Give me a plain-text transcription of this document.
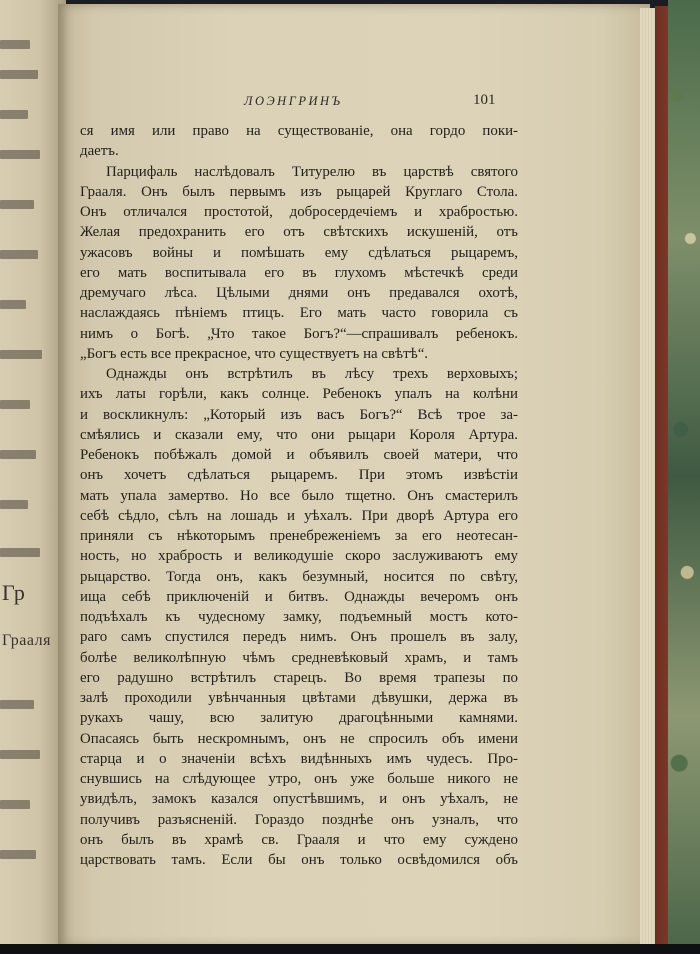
Гр
Грааля
ЛОЭНГРИНЪ	101
ся имя или право на существованіе, она гордо поки-
даетъ.
Парцифаль наслѣдовалъ Титурелю въ царствѣ святого
Грааля. Онъ былъ первымъ изъ рыцарей Круглаго Стола.
Онъ отличался простотой, добросердечіемъ и храбростью.
Желая предохранить его отъ свѣтскихъ искушеній, отъ
ужасовъ войны и помѣшать ему сдѣлаться рыцаремъ,
его мать воспитывала его въ глухомъ мѣстечкѣ среди
дремучаго лѣса. Цѣлыми днями онъ предавался охотѣ,
наслаждаясь пѣніемъ птицъ. Его мать часто говорила съ
нимъ о Богѣ. „Что такое Богъ?“—спрашивалъ ребенокъ.
„Богъ есть все прекрасное, что существуетъ на свѣтѣ“.
Однажды онъ встрѣтилъ въ лѣсу трехъ верховыхъ;
ихъ латы горѣли, какъ солнце. Ребенокъ упалъ на колѣни
и воскликнулъ: „Который изъ васъ Богъ?“ Всѣ трое за-
смѣялись и сказали ему, что они рыцари Короля Артура.
Ребенокъ побѣжалъ домой и объявилъ своей матери, что
онъ хочетъ сдѣлаться рыцаремъ. При этомъ извѣстіи
мать упала замертво. Но все было тщетно. Онъ смастерилъ
себѣ сѣдло, сѣлъ на лошадь и уѣхалъ. При дворѣ Артура его
приняли съ нѣкоторымъ пренебреженіемъ за его неотесан-
ность, но храбрость и великодушіе скоро заслуживаютъ ему
рыцарство. Тогда онъ, какъ безумный, носится по свѣту,
ища себѣ приключеній и битвъ. Однажды вечеромъ онъ
подъѣхалъ къ чудесному замку, подъемный мостъ кото-
раго самъ спустился передъ нимъ. Онъ прошелъ въ залу,
болѣе великолѣпную чѣмъ средневѣковый храмъ, и тамъ
его радушно встрѣтилъ старецъ. Во время трапезы по
залѣ проходили увѣнчанныя цвѣтами дѣвушки, держа въ
рукахъ чашу, всю залитую драгоцѣнными камнями.
Опасаясь быть нескромнымъ, онъ не спросилъ объ имени
старца и о значеніи всѣхъ видѣнныхъ имъ чудесъ. Про-
снувшись на слѣдующее утро, онъ уже больше никого не
увидѣлъ, замокъ казался опустѣвшимъ, и онъ уѣхалъ, не
получивъ разъясненій. Гораздо позднѣе онъ узналъ, что
онъ былъ въ храмѣ св. Грааля и что ему суждено
царствовать тамъ. Если бы онъ только освѣдомился объ
